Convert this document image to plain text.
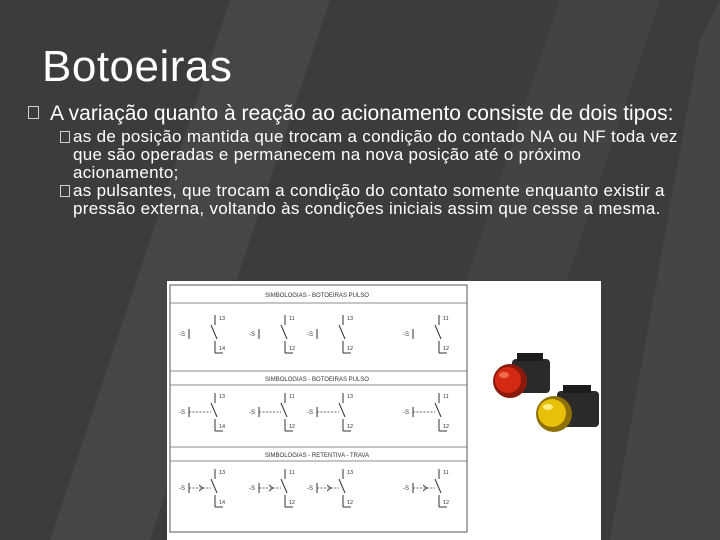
Botoeiras
A variação quanto à reação ao acionamento consiste de dois tipos:
as de posição mantida que trocam a condição do contado NA ou NF toda vez que são operadas e permanecem na nova posição até o próximo acionamento;
as pulsantes, que trocam a condição do contato somente enquanto existir a pressão externa, voltando às condições iniciais assim que cesse a mesma.
SIMBOLOGIAS - BOTOEIRAS PULSO
SIMBOLOGIAS - BOTOEIRAS PULSO
SIMBOLOGIAS - RETENTIVA - TRAVA
-S
13
14
-S
11
12
-S
13
12
-S
11
12
-S
13
14
-S
11
12
-S
13
12
-S
11
12
-S
13
14
-S
11
12
-S
13
12
-S
11
12
